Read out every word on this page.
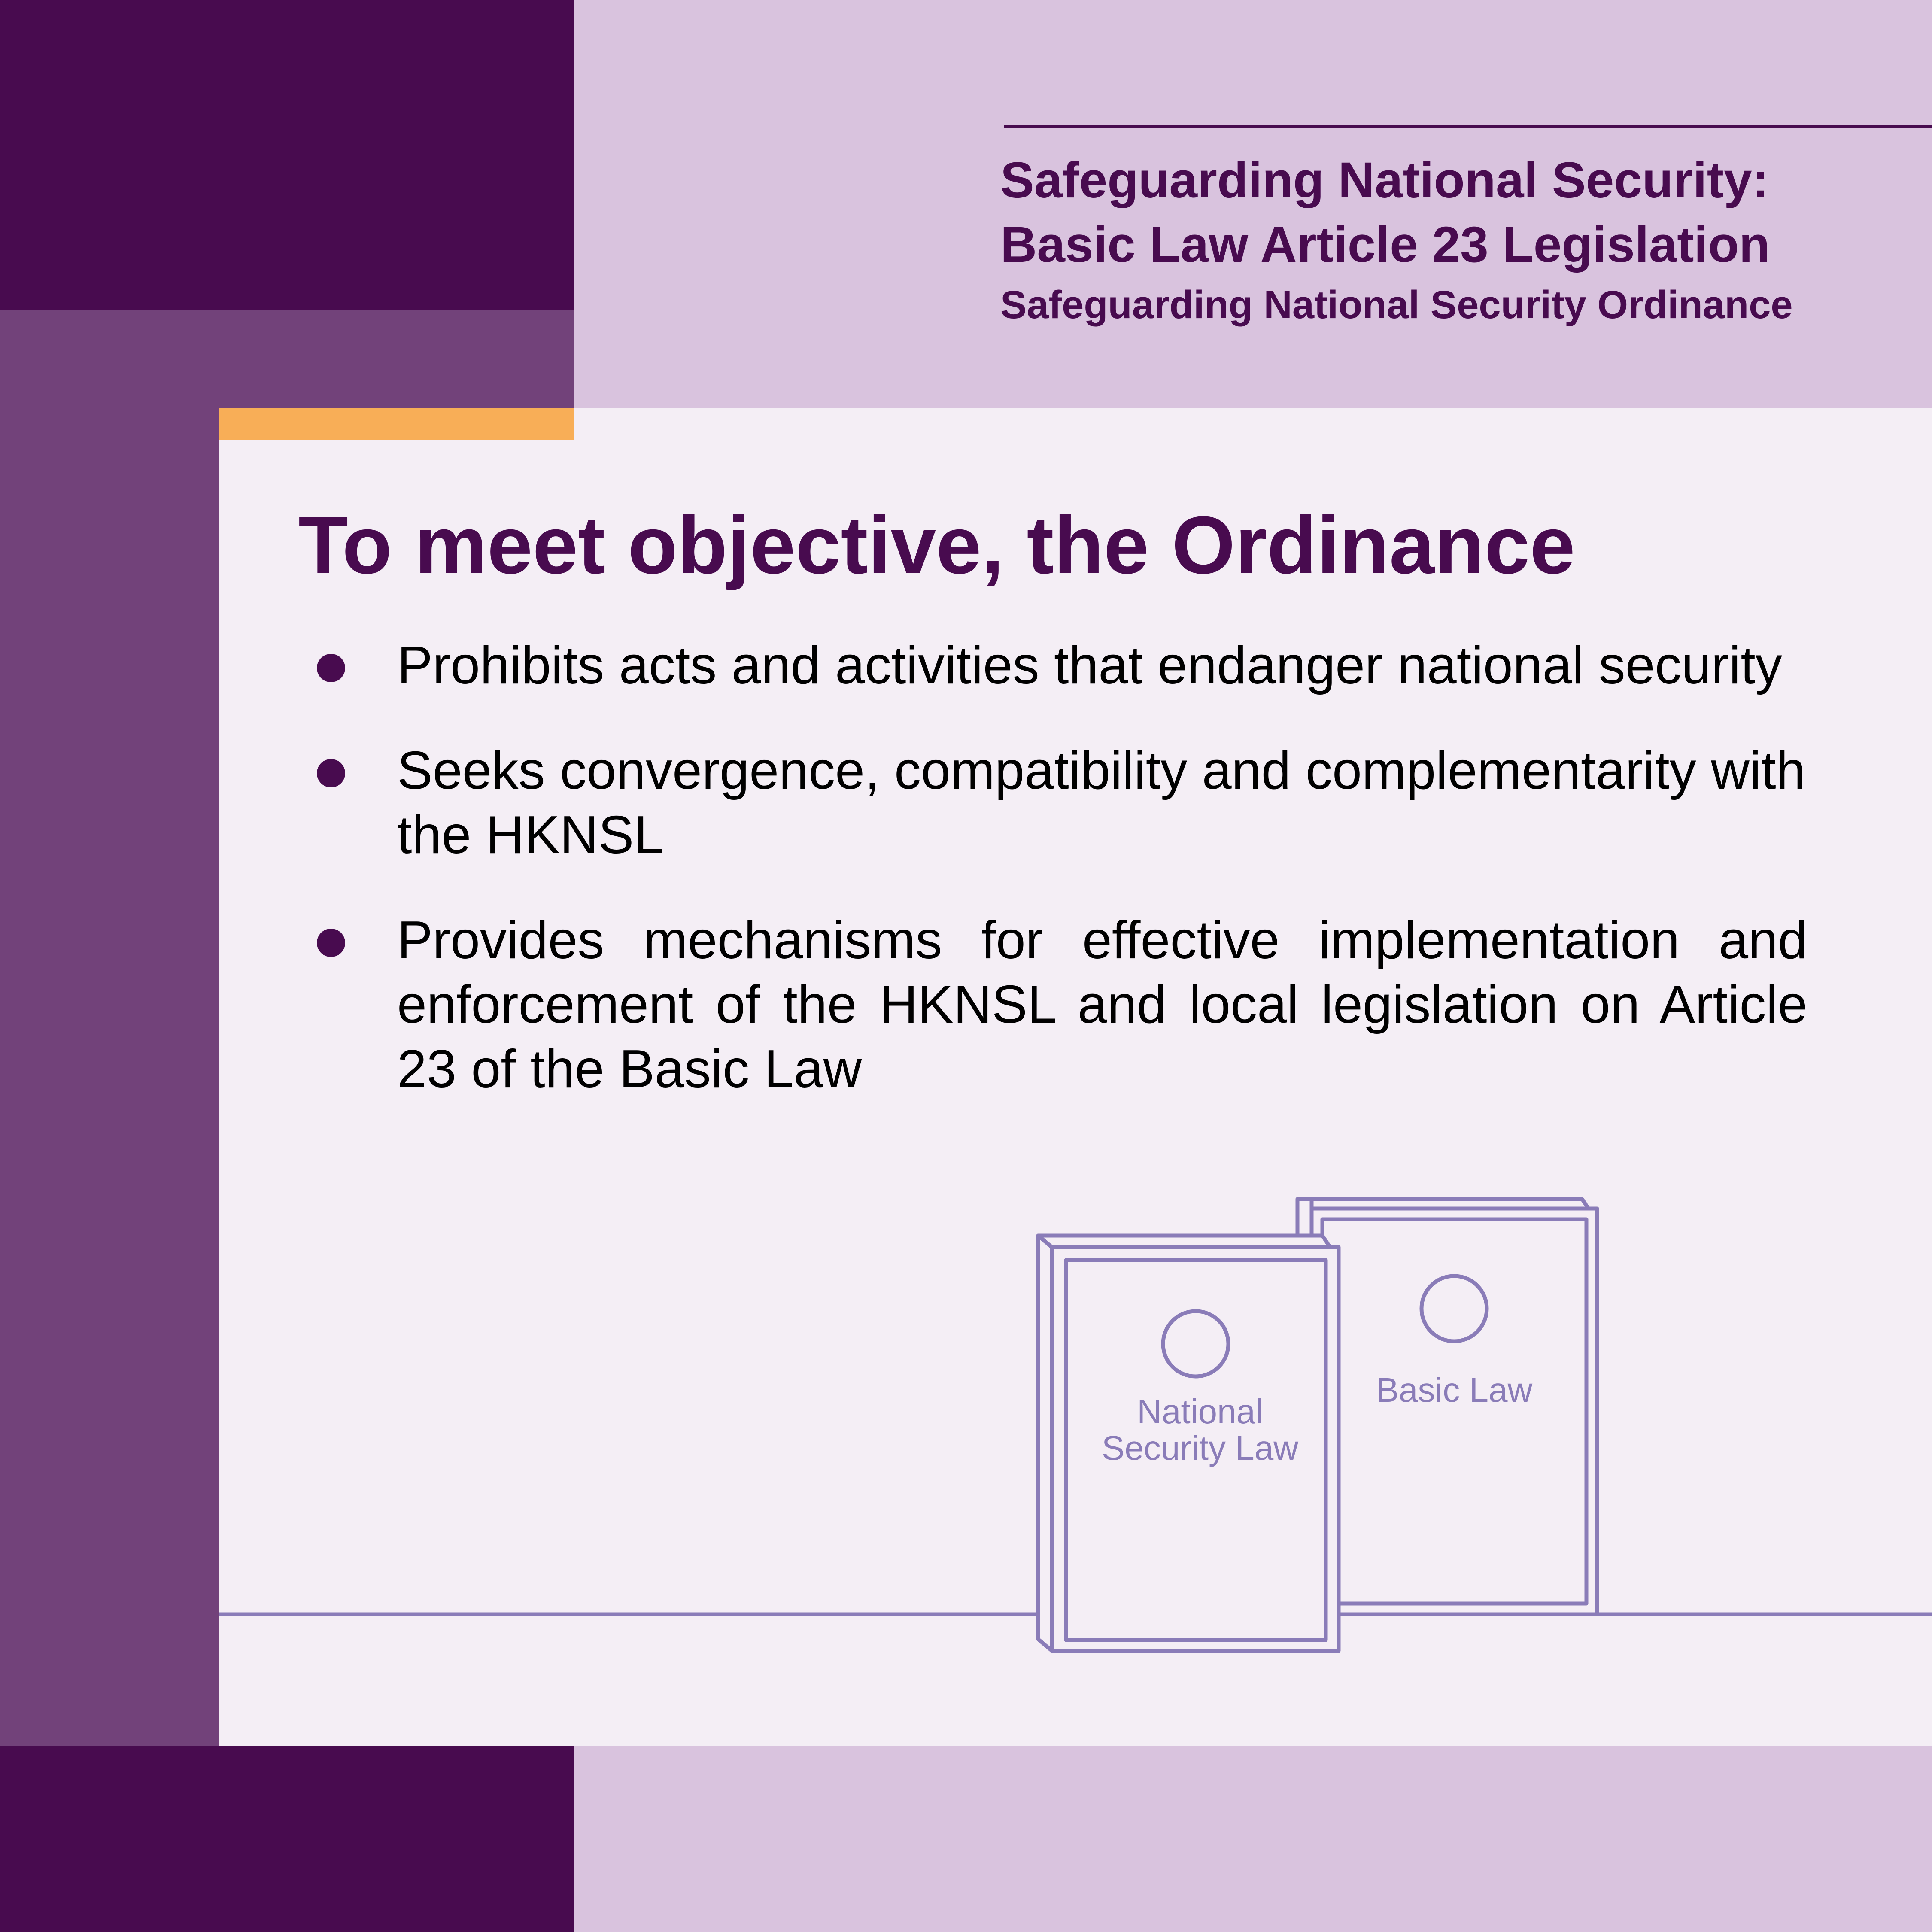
Safeguarding National Security:
Basic Law Article 23 Legislation
Safeguarding National Security Ordinance
To meet objective, the Ordinance
Prohibits acts and activities that endanger national security
Seeks convergence, compatibility and complementarity with the HKNSL
Provides mechanisms for effective implementation and enforcement of the HKNSL and local legislation on Article 23 of the Basic Law
National
Security Law
Basic Law
